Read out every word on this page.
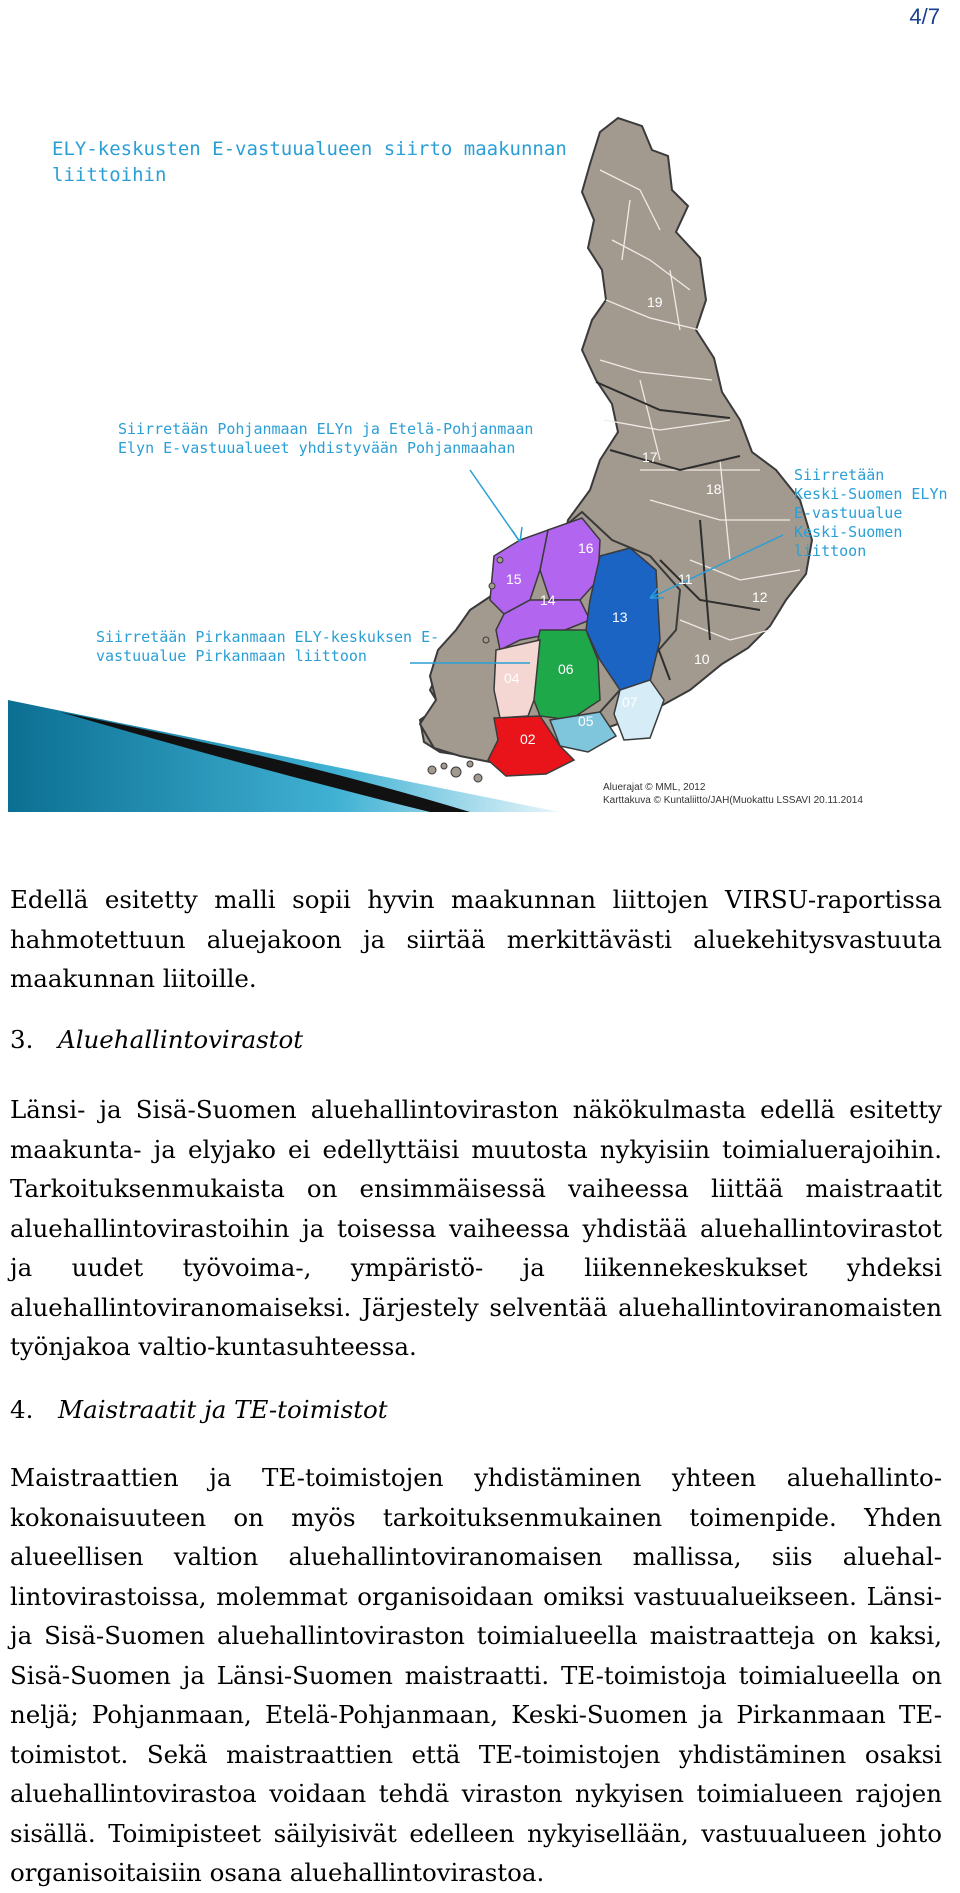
4/7
19
17
18
16
15
14
13
11
12
10
06
04
07
09
05
08
02
01
ELY-keskusten E-vastuualueen siirto maakunnan liittoihin
Siirretään Pohjanmaan ELYn ja Etelä-Pohjanmaan
Elyn E-vastuualueet yhdistyvään Pohjanmaahan
Siirretään
Keski-Suomen ELYn
E-vastuualue
Keski-Suomen
liittoon
Siirretään Pirkanmaan ELY-keskuksen E-
vastuualue Pirkanmaan liittoon
Aluerajat © MML, 2012
Karttakuva © Kuntaliitto/JAH(Muokattu LSSAVI 20.11.2014

Edellä esitetty malli sopii hyvin maakunnan liittojen VIRSU-raportissa hahmotettuun aluejakoon ja siirtää merkittävästi aluekehitysvastuuta maakunnan liitoille.

3. Aluehallintovirastot

Länsi- ja Sisä-Suomen aluehallintoviraston näkökulmasta edellä esitetty maakunta- ja elyjako ei edellyttäisi muutosta nykyisiin toimialuerajoihin. Tarkoituksenmukaista on ensimmäisessä vaiheessa liittää maistraatit aluehallintovirastoihin ja toisessa vaiheessa yhdistää aluehallintovirastot ja uudet työvoima-, ympäristö- ja liikennekeskukset yhdeksi aluehallintoviranomaiseksi. Järjestely selventää aluehallintoviranomaisten työnjakoa valtio-kuntasuhteessa.

4. Maistraatit ja TE-toimistot

Maistraattien ja TE-toimistojen yhdistäminen yhteen aluehallinto-kokonaisuuteen on myös tarkoituksenmukainen toimenpide. Yhden alueellisen valtion aluehallintoviranomaisen mallissa, siis aluehal-lintovirastoissa, molemmat organisoidaan omiksi vastuualueikseen. Länsi- ja Sisä-Suomen aluehallintoviraston toimialueella maistraatteja on kaksi, Sisä-Suomen ja Länsi-Suomen maistraatti. TE-toimistoja toimialueella on neljä; Pohjanmaan, Etelä-Pohjanmaan, Keski-Suomen ja Pirkanmaan TE-toimistot. Sekä maistraattien että TE-toimistojen yhdistäminen osaksi aluehallintovirastoa voidaan tehdä viraston nykyisen toimialueen rajojen sisällä. Toimipisteet säilyisivät edelleen nykyisellään, vastuualueen johto organisoitaisiin osana aluehallintovirastoa.
